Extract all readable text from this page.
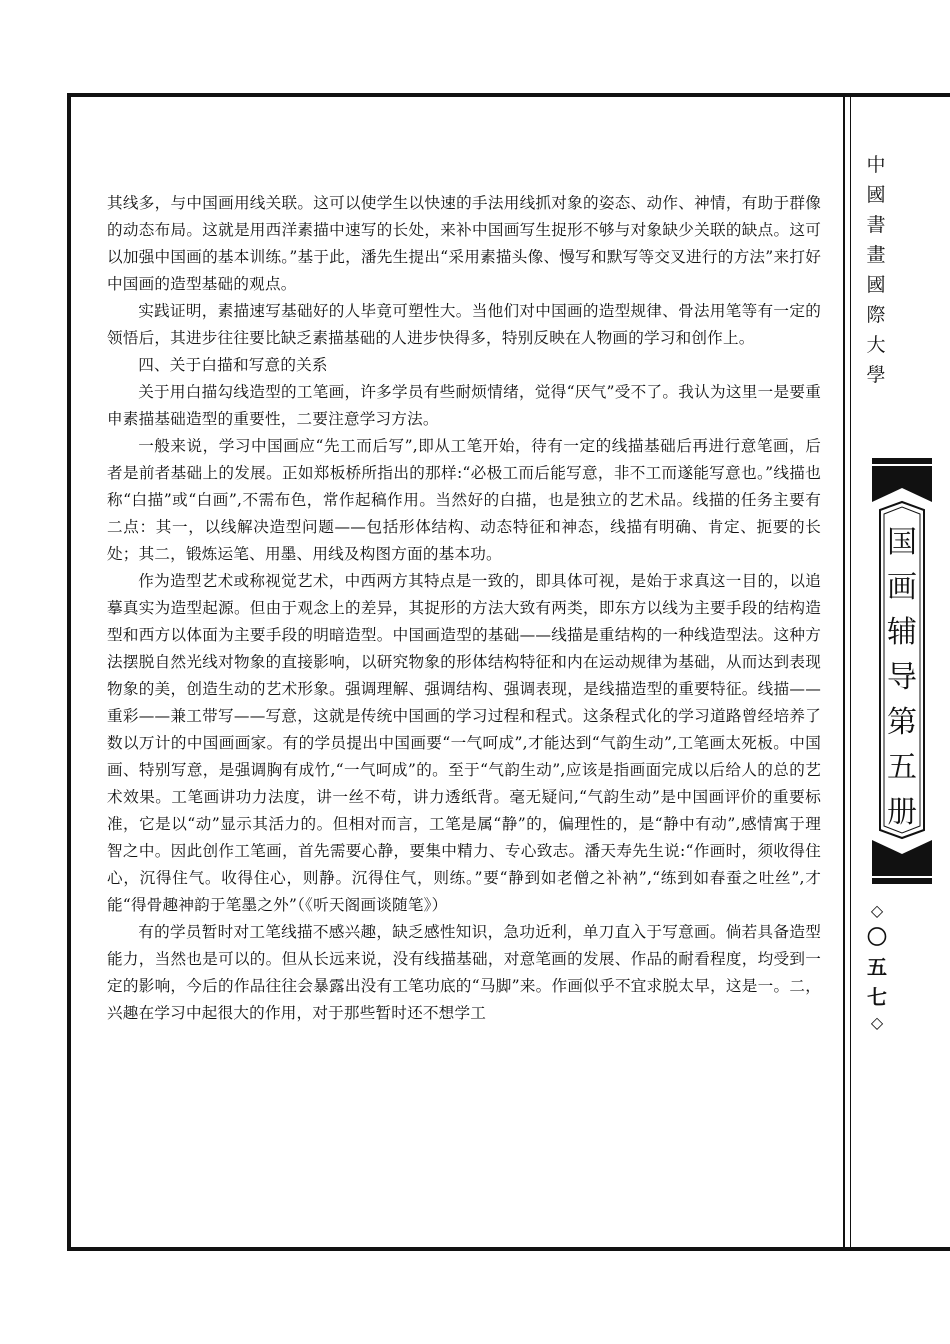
其线多，与中国画用线关联。这可以使学生以快速的手法用线抓对象的姿态、动作、神情，有助于群像的动态布局。这就是用西洋素描中速写的长处，来补中国画写生捉形不够与对象缺少关联的缺点。这可以加强中国画的基本训练。”基于此，潘先生提出“采用素描头像、慢写和默写等交叉进行的方法”来打好中国画的造型基础的观点。

实践证明，素描速写基础好的人毕竟可塑性大。当他们对中国画的造型规律、骨法用笔等有一定的领悟后，其进步往往要比缺乏素描基础的人进步快得多，特别反映在人物画的学习和创作上。

四、关于白描和写意的关系

关于用白描勾线造型的工笔画，许多学员有些耐烦情绪，觉得“厌气”受不了。我认为这里一是要重申素描基础造型的重要性，二要注意学习方法。

一般来说，学习中国画应“先工而后写”,即从工笔开始，待有一定的线描基础后再进行意笔画，后者是前者基础上的发展。正如郑板桥所指出的那样:“必极工而后能写意，非不工而遂能写意也。”线描也称“白描”或“白画”,不需布色，常作起稿作用。当然好的白描，也是独立的艺术品。线描的任务主要有二点：其一，以线解决造型问题——包括形体结构、动态特征和神态，线描有明确、肯定、扼要的长处；其二，锻炼运笔、用墨、用线及构图方面的基本功。

作为造型艺术或称视觉艺术，中西两方其特点是一致的，即具体可视，是始于求真这一目的，以追摹真实为造型起源。但由于观念上的差异，其捉形的方法大致有两类，即东方以线为主要手段的结构造型和西方以体面为主要手段的明暗造型。中国画造型的基础——线描是重结构的一种线造型法。这种方法摆脱自然光线对物象的直接影响，以研究物象的形体结构特征和内在运动规律为基础，从而达到表现物象的美，创造生动的艺术形象。强调理解、强调结构、强调表现，是线描造型的重要特征。线描——重彩——兼工带写——写意，这就是传统中国画的学习过程和程式。这条程式化的学习道路曾经培养了数以万计的中国画画家。有的学员提出中国画要“一气呵成”,才能达到“气韵生动”,工笔画太死板。中国画、特别写意，是强调胸有成竹,“一气呵成”的。至于“气韵生动”,应该是指画面完成以后给人的总的艺术效果。工笔画讲功力法度，讲一丝不苟，讲力透纸背。毫无疑问,“气韵生动”是中国画评价的重要标准，它是以“动”显示其活力的。但相对而言，工笔是属“静”的，偏理性的，是“静中有动”,感情寓于理智之中。因此创作工笔画，首先需要心静，要集中精力、专心致志。潘天寿先生说:“作画时，须收得住心，沉得住气。收得住心，则静。沉得住气，则练。”要“静到如老僧之补衲”,“练到如春蚕之吐丝”,才能“得骨趣神韵于笔墨之外”（《听天阁画谈随笔》）

有的学员暂时对工笔线描不感兴趣，缺乏感性知识，急功近利，单刀直入于写意画。倘若具备造型能力，当然也是可以的。但从长远来说，没有线描基础，对意笔画的发展、作品的耐看程度，均受到一定的影响，今后的作品往往会暴露出没有工笔功底的“马脚”来。作画似乎不宜求脱太早，这是一。二，兴趣在学习中起很大的作用，对于那些暂时还不想学工

中
國
書
畫
國
際
大
學
国
画
辅
导
第
五
册
◇
〇
五
七
◇
